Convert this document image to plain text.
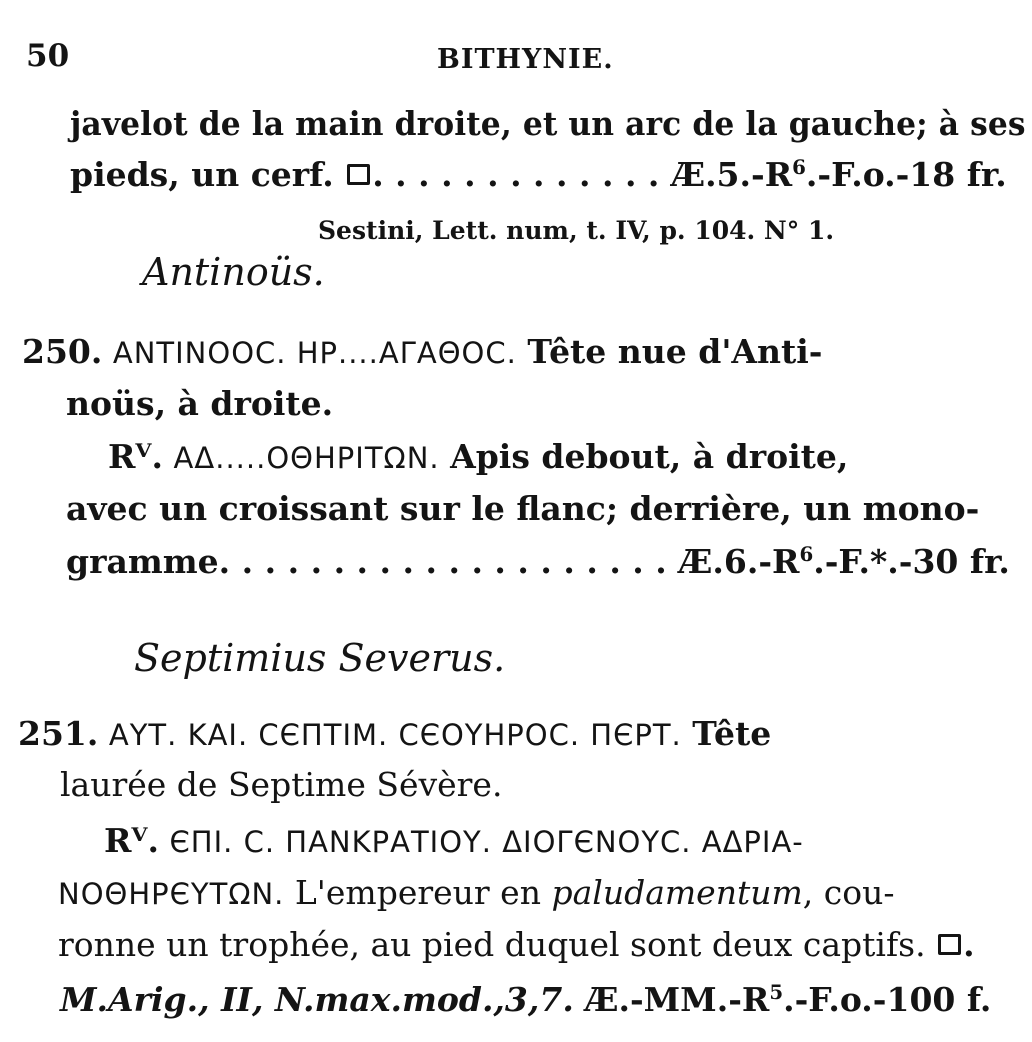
50	BITHYNIE.
javelot de la main droite, et un arc de la gauche; à ses
pieds, un cerf. . . . . . . . . . . . . . $Æ.5.-R^6.-F.o.-18$ fr.
Sestini, Lett. num, t. IV, p. 104. N° 1.
Antinoüs.
250. ΑΝΤΙΝΟΟC. ΗΡ....ΑΓΑΘΟC. Tête nue d'Anti-
noüs, à droite.
Rⱽ. ΑΔ.....ΟΘΗΡΙΤΩΝ. Apis debout, à droite,
avec un croissant sur le flanc; derrière, un mono-
gramme. . . . . . . . . . . . . . . . . . . . $Æ.6.-R^6.-F.*.-30$ fr.
Septimius Severus.
251. ΑΥΤ. ΚΑΙ. CЄΠΤΙΜ. CЄΟΥΗΡΟC. ΠЄΡΤ. Tête
laurée de Septime Sévère.
Rⱽ. ЄΠΙ. C. ΠΑΝΚΡΑΤΙΟΥ. ΔΙΟΓЄΝΟΥC. ΑΔΡΙΑ-
ΝΟΘΗΡЄΥΤΩΝ. L'empereur en paludamentum, cou-
ronne un trophée, au pied duquel sont deux captifs. .
M.Arig., II, N.max.mod.,3,7. $Æ.-MM.-R^5.-F.o.-100$ f.
